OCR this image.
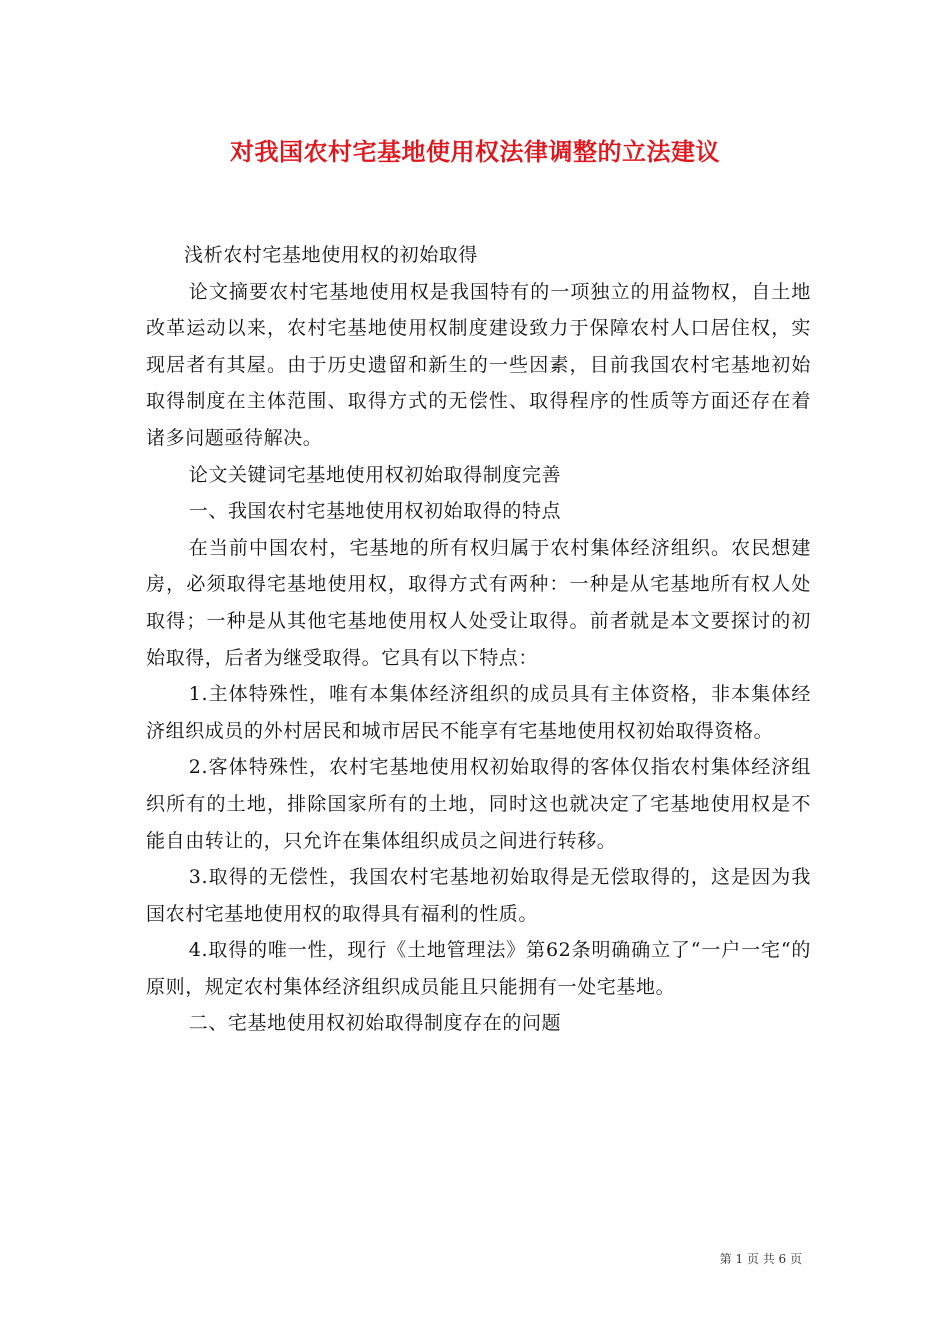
对我国农村宅基地使用权法律调整的立法建议

浅析农村宅基地使用权的初始取得

论文摘要农村宅基地使用权是我国特有的一项独立的用益物权，自土地改革运动以来，农村宅基地使用权制度建设致力于保障农村人口居住权，实现居者有其屋。由于历史遗留和新生的一些因素，目前我国农村宅基地初始取得制度在主体范围、取得方式的无偿性、取得程序的性质等方面还存在着诸多问题亟待解决。

论文关键词宅基地使用权初始取得制度完善

一、我国农村宅基地使用权初始取得的特点

在当前中国农村，宅基地的所有权归属于农村集体经济组织。农民想建房，必须取得宅基地使用权，取得方式有两种：一种是从宅基地所有权人处取得；一种是从其他宅基地使用权人处受让取得。前者就是本文要探讨的初始取得，后者为继受取得。它具有以下特点：

1.主体特殊性，唯有本集体经济组织的成员具有主体资格，非本集体经济组织成员的外村居民和城市居民不能享有宅基地使用权初始取得资格。

2.客体特殊性，农村宅基地使用权初始取得的客体仅指农村集体经济组织所有的土地，排除国家所有的土地，同时这也就决定了宅基地使用权是不能自由转让的，只允许在集体组织成员之间进行转移。

3.取得的无偿性，我国农村宅基地初始取得是无偿取得的，这是因为我国农村宅基地使用权的取得具有福利的性质。

4.取得的唯一性，现行《土地管理法》第62条明确确立了“一户一宅“的原则，规定农村集体经济组织成员能且只能拥有一处宅基地。

二、宅基地使用权初始取得制度存在的问题

第 1 页 共 6 页
